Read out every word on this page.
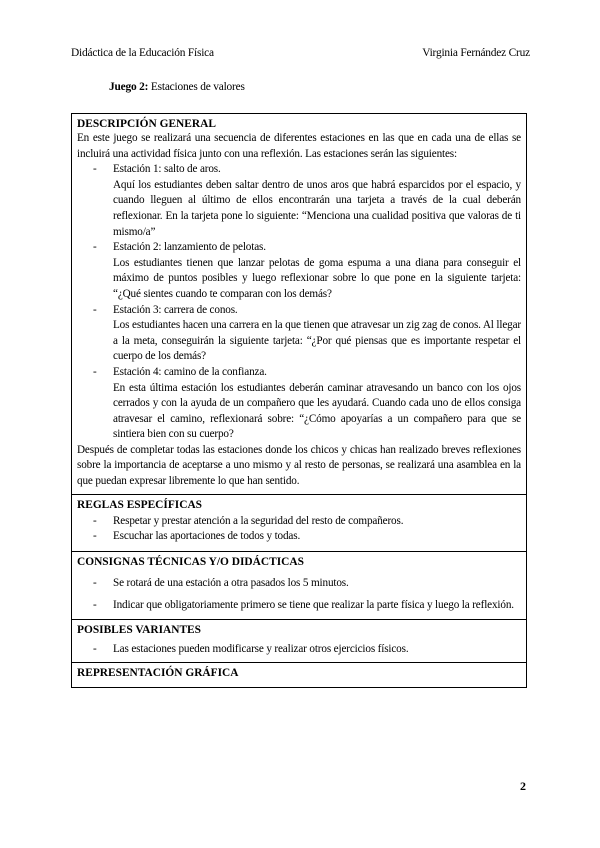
Didáctica de la Educación Física	Virginia Fernández Cruz
Juego 2: Estaciones de valores
DESCRIPCIÓN GENERAL

En este juego se realizará una secuencia de diferentes estaciones en las que en cada una de ellas se incluirá una actividad física junto con una reflexión. Las estaciones serán las siguientes:

- Estación 1: salto de aros.
Aquí los estudiantes deben saltar dentro de unos aros que habrá esparcidos por el espacio, y cuando lleguen al último de ellos encontrarán una tarjeta a través de la cual deberán reflexionar. En la tarjeta pone lo siguiente: “Menciona una cualidad positiva que valoras de ti mismo/a”
- Estación 2: lanzamiento de pelotas.
Los estudiantes tienen que lanzar pelotas de goma espuma a una diana para conseguir el máximo de puntos posibles y luego reflexionar sobre lo que pone en la siguiente tarjeta: “¿Qué sientes cuando te comparan con los demás?
- Estación 3: carrera de conos.
Los estudiantes hacen una carrera en la que tienen que atravesar un zig zag de conos. Al llegar a la meta, conseguirán la siguiente tarjeta: “¿Por qué piensas que es importante respetar el cuerpo de los demás?
- Estación 4: camino de la confianza.
En esta última estación los estudiantes deberán caminar atravesando un banco con los ojos cerrados y con la ayuda de un compañero que les ayudará. Cuando cada uno de ellos consiga atravesar el camino, reflexionará sobre: “¿Cómo apoyarías a un compañero para que se sintiera bien con su cuerpo?

Después de completar todas las estaciones donde los chicos y chicas han realizado breves reflexiones sobre la importancia de aceptarse a uno mismo y al resto de personas, se realizará una asamblea en la que puedan expresar libremente lo que han sentido.

REGLAS ESPECÍFICAS
- Respetar y prestar atención a la seguridad del resto de compañeros.
- Escuchar las aportaciones de todos y todas.

CONSIGNAS TÉCNICAS Y/O DIDÁCTICAS
- Se rotará de una estación a otra pasados los 5 minutos.
- Indicar que obligatoriamente primero se tiene que realizar la parte física y luego la reflexión.

POSIBLES VARIANTES
- Las estaciones pueden modificarse y realizar otros ejercicios físicos.

REPRESENTACIÓN GRÁFICA
2
